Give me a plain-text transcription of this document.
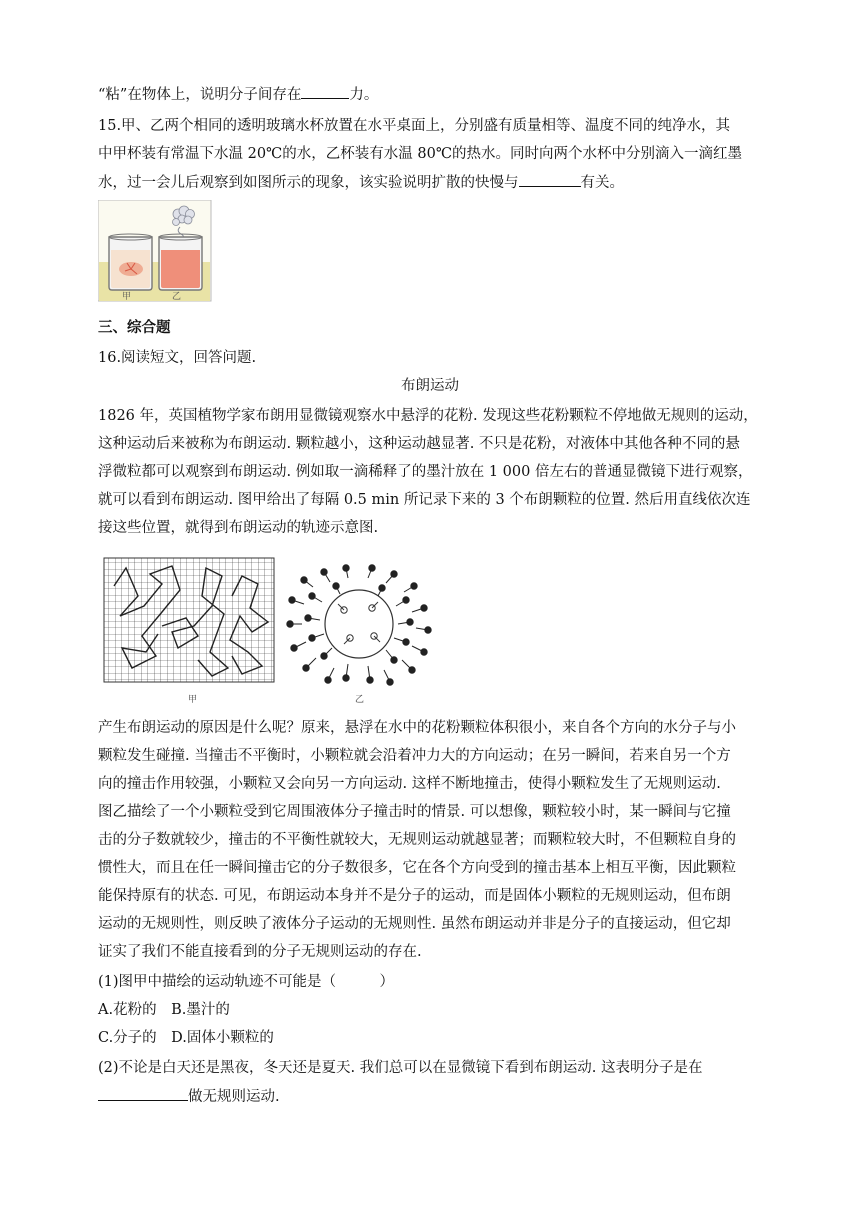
“粘”在物体上，说明分子间存在	力。
15.甲、乙两个相同的透明玻璃水杯放置在水平桌面上，分别盛有质量相等、温度不同的纯净水，其
中甲杯装有常温下水温 20℃的水，乙杯装有水温 80℃的热水。同时向两个水杯中分别滴入一滴红墨
水，过一会儿后观察到如图所示的现象，该实验说明扩散的快慢与	有关。
甲	乙
三、综合题
16.阅读短文，回答问题.
布朗运动
1826 年，英国植物学家布朗用显微镜观察水中悬浮的花粉. 发现这些花粉颗粒不停地做无规则的运动，
这种运动后来被称为布朗运动. 颗粒越小，这种运动越显著. 不只是花粉，对液体中其他各种不同的悬
浮微粒都可以观察到布朗运动. 例如取一滴稀释了的墨汁放在 1 000 倍左右的普通显微镜下进行观察，
就可以看到布朗运动. 图甲给出了每隔 0.5 min 所记录下来的 3 个布朗颗粒的位置. 然后用直线依次连
接这些位置，就得到布朗运动的轨迹示意图.
甲	乙
产生布朗运动的原因是什么呢？原来，悬浮在水中的花粉颗粒体积很小，来自各个方向的水分子与小
颗粒发生碰撞. 当撞击不平衡时，小颗粒就会沿着冲力大的方向运动；在另一瞬间，若来自另一个方
向的撞击作用较强，小颗粒又会向另一方向运动. 这样不断地撞击，使得小颗粒发生了无规则运动.
图乙描绘了一个小颗粒受到它周围液体分子撞击时的情景. 可以想像，颗粒较小时，某一瞬间与它撞
击的分子数就较少，撞击的不平衡性就较大，无规则运动就越显著；而颗粒较大时，不但颗粒自身的
惯性大，而且在任一瞬间撞击它的分子数很多，它在各个方向受到的撞击基本上相互平衡，因此颗粒
能保持原有的状态. 可见，布朗运动本身并不是分子的运动，而是固体小颗粒的无规则运动，但布朗
运动的无规则性，则反映了液体分子运动的无规则性. 虽然布朗运动并非是分子的直接运动，但它却
证实了我们不能直接看到的分子无规则运动的存在.
(1)图甲中描绘的运动轨迹不可能是（　　　）
A.花粉的　B.墨汁的
C.分子的　D.固体小颗粒的
(2)不论是白天还是黑夜，冬天还是夏天. 我们总可以在显微镜下看到布朗运动. 这表明分子是在
做无规则运动.
